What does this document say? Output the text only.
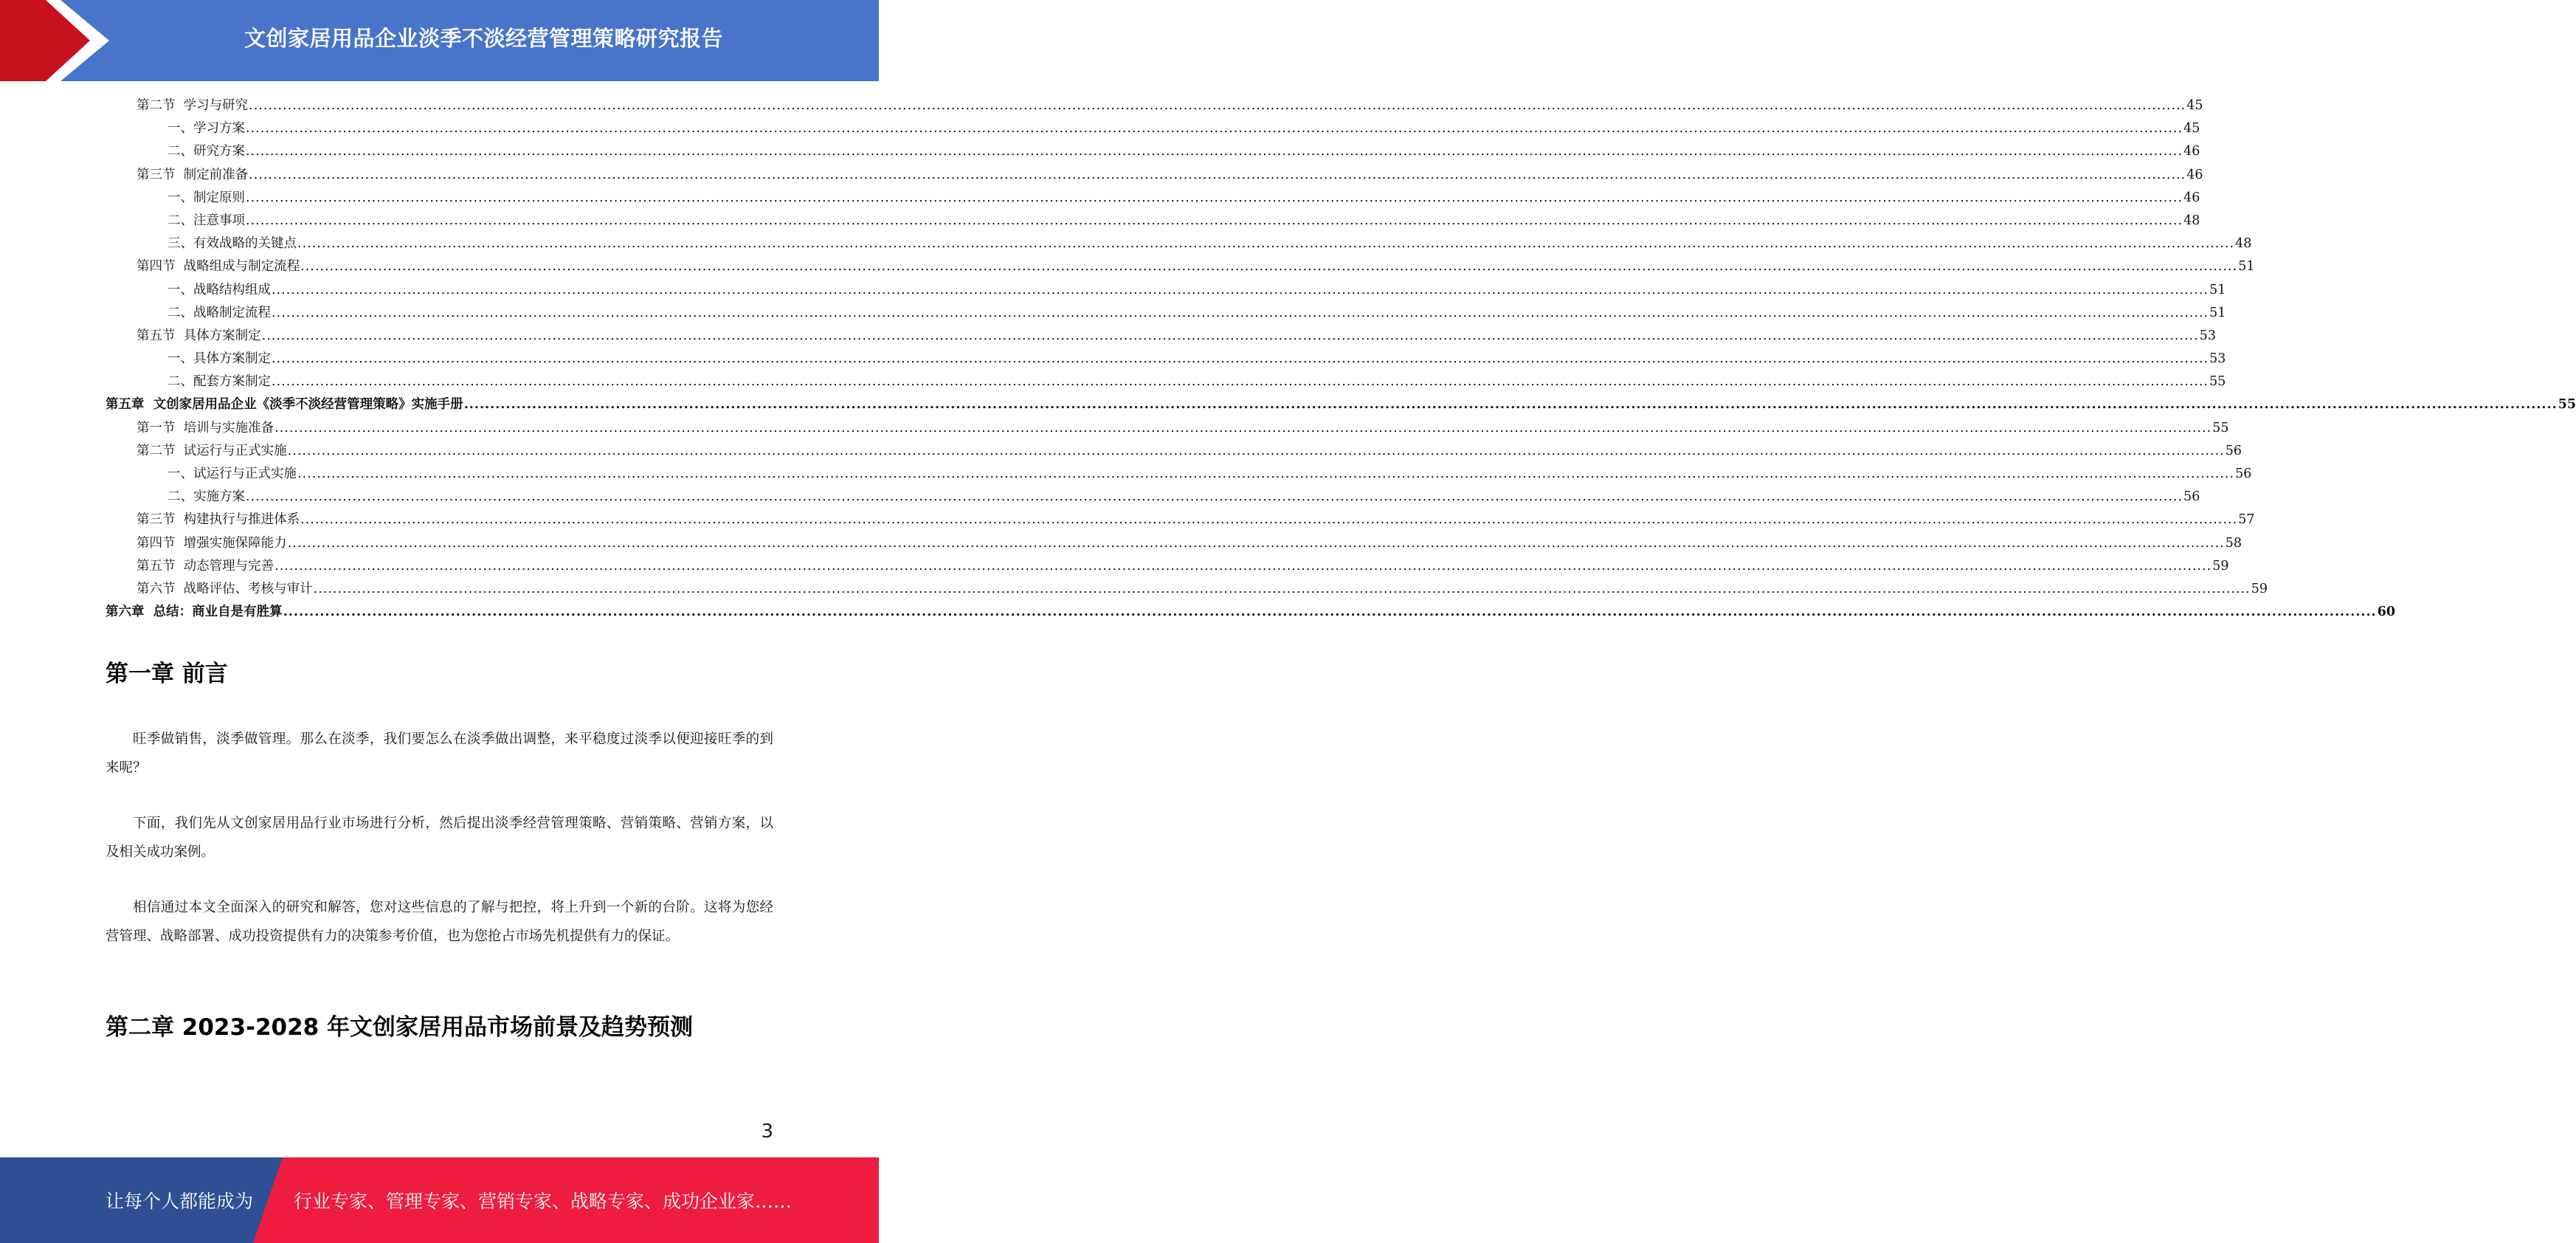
文创家居用品企业淡季不淡经营管理策略研究报告
第二节  学习与研究 ................................................................................................................................................................................................................................................................................................................................................................................................................ 45
一、学习方案 ................................................................................................................................................................................................................................................................................................................................................................................................................ 45
二、研究方案 ................................................................................................................................................................................................................................................................................................................................................................................................................ 46
第三节  制定前准备 ................................................................................................................................................................................................................................................................................................................................................................................................................ 46
一、制定原则 ................................................................................................................................................................................................................................................................................................................................................................................................................ 46
二、注意事项 ................................................................................................................................................................................................................................................................................................................................................................................................................ 48
三、有效战略的关键点 ................................................................................................................................................................................................................................................................................................................................................................................................................ 48
第四节  战略组成与制定流程 ................................................................................................................................................................................................................................................................................................................................................................................................................ 51
一、战略结构组成 ................................................................................................................................................................................................................................................................................................................................................................................................................ 51
二、战略制定流程 ................................................................................................................................................................................................................................................................................................................................................................................................................ 51
第五节  具体方案制定 ................................................................................................................................................................................................................................................................................................................................................................................................................ 53
一、具体方案制定 ................................................................................................................................................................................................................................................................................................................................................................................................................ 53
二、配套方案制定 ................................................................................................................................................................................................................................................................................................................................................................................................................ 55
第五章  文创家居用品企业《淡季不淡经营管理策略》实施手册 ................................................................................................................................................................................................................................................................................................................................................................................................................ 55
第一节  培训与实施准备 ................................................................................................................................................................................................................................................................................................................................................................................................................ 55
第二节  试运行与正式实施 ................................................................................................................................................................................................................................................................................................................................................................................................................ 56
一、试运行与正式实施 ................................................................................................................................................................................................................................................................................................................................................................................................................ 56
二、实施方案 ................................................................................................................................................................................................................................................................................................................................................................................................................ 56
第三节  构建执行与推进体系 ................................................................................................................................................................................................................................................................................................................................................................................................................ 57
第四节  增强实施保障能力 ................................................................................................................................................................................................................................................................................................................................................................................................................ 58
第五节  动态管理与完善 ................................................................................................................................................................................................................................................................................................................................................................................................................ 59
第六节  战略评估、考核与审计 ................................................................................................................................................................................................................................................................................................................................................................................................................ 59
第六章  总结：商业自是有胜算 ................................................................................................................................................................................................................................................................................................................................................................................................................ 60
第一章 前言

旺季做销售，淡季做管理。那么在淡季，我们要怎么在淡季做出调整，来平稳度过淡季以便迎接旺季的到来呢？

下面，我们先从文创家居用品行业市场进行分析，然后提出淡季经营管理策略、营销策略、营销方案，以及相关成功案例。

相信通过本文全面深入的研究和解答，您对这些信息的了解与把控，将上升到一个新的台阶。这将为您经营管理、战略部署、成功投资提供有力的决策参考价值，也为您抢占市场先机提供有力的保证。

第二章 2023-2028 年文创家居用品市场前景及趋势预测
3
让每个人都能成为 行业专家、管理专家、营销专家、战略专家、成功企业家……
